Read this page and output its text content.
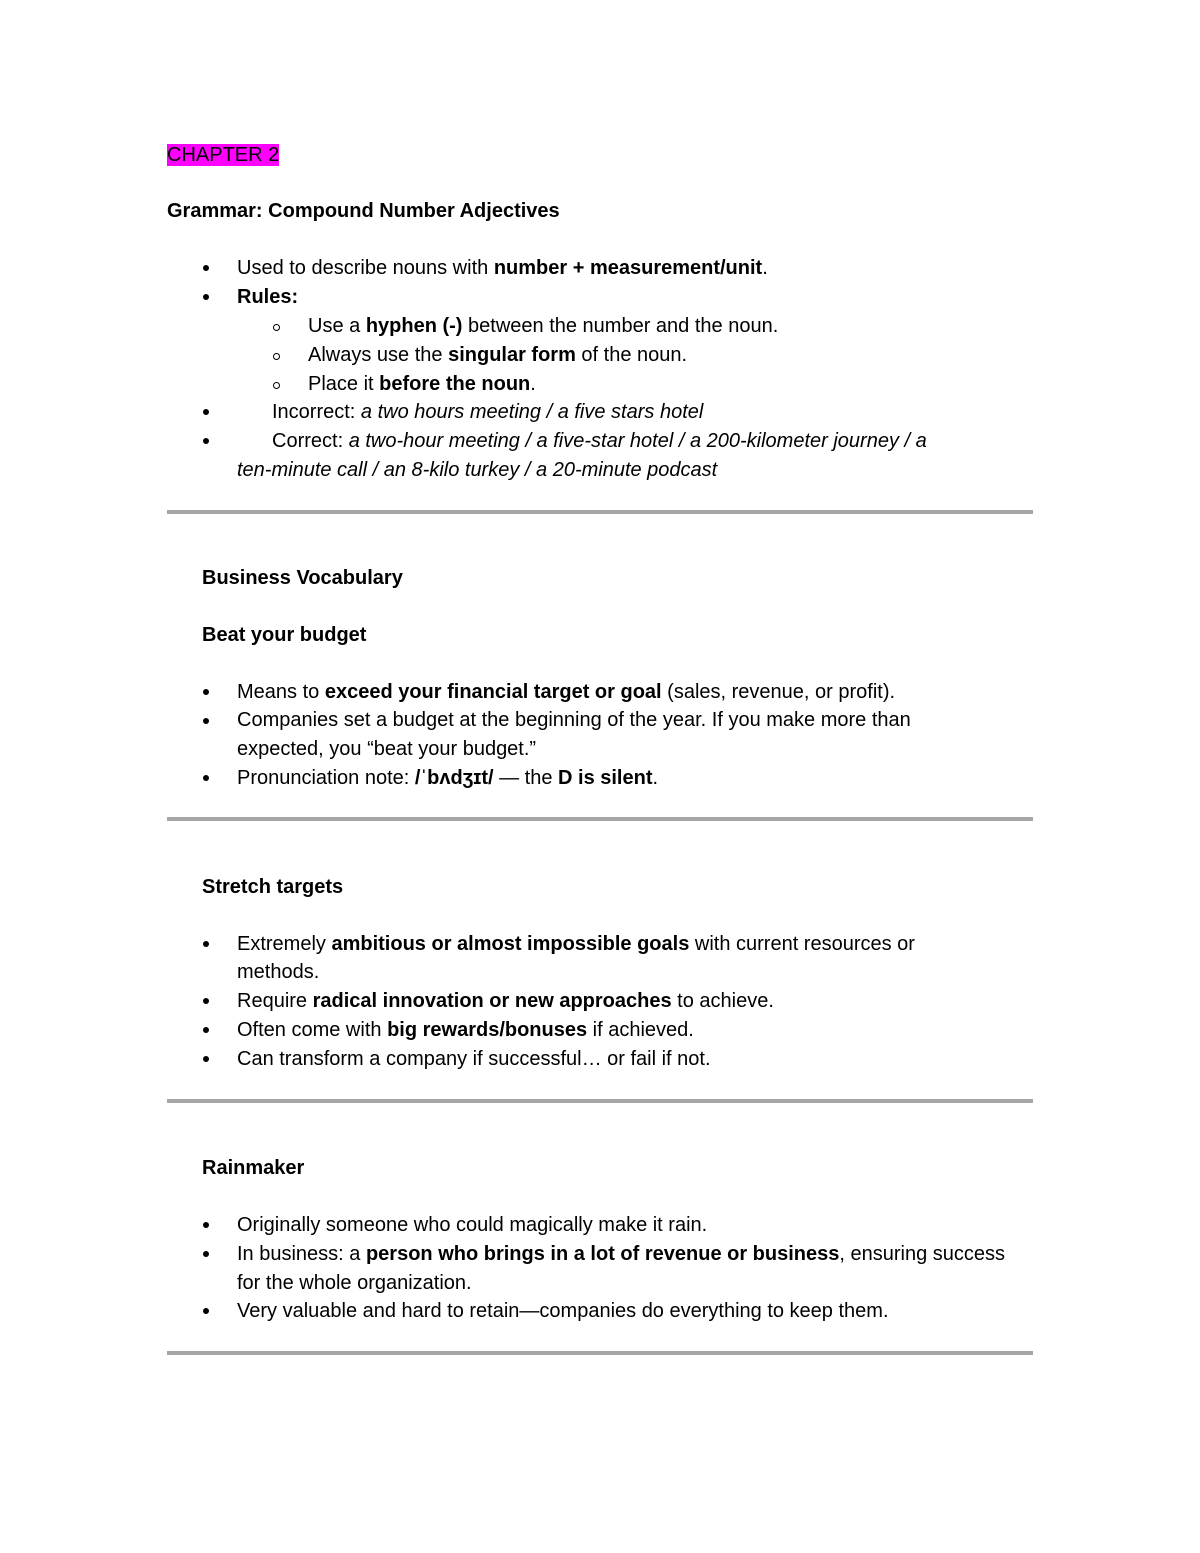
CHAPTER 2
Grammar: Compound Number Adjectives
Used to describe nouns with number + measurement/unit.
Rules:
Use a hyphen (-) between the number and the noun.
Always use the singular form of the noun.
Place it before the noun.
Incorrect: a two hours meeting / a five stars hotel
Correct: a two-hour meeting / a five-star hotel / a 200-kilometer journey / a
ten-minute call / an 8-kilo turkey / a 20-minute podcast
Business Vocabulary
Beat your budget
Means to exceed your financial target or goal (sales, revenue, or profit).
Companies set a budget at the beginning of the year. If you make more than
expected, you “beat your budget.”
Pronunciation note: /ˈbʌdʒɪt/ — the D is silent.
Stretch targets
Extremely ambitious or almost impossible goals with current resources or
methods.
Require radical innovation or new approaches to achieve.
Often come with big rewards/bonuses if achieved.
Can transform a company if successful… or fail if not.
Rainmaker
Originally someone who could magically make it rain.
In business: a person who brings in a lot of revenue or business, ensuring success
for the whole organization.
Very valuable and hard to retain—companies do everything to keep them.
